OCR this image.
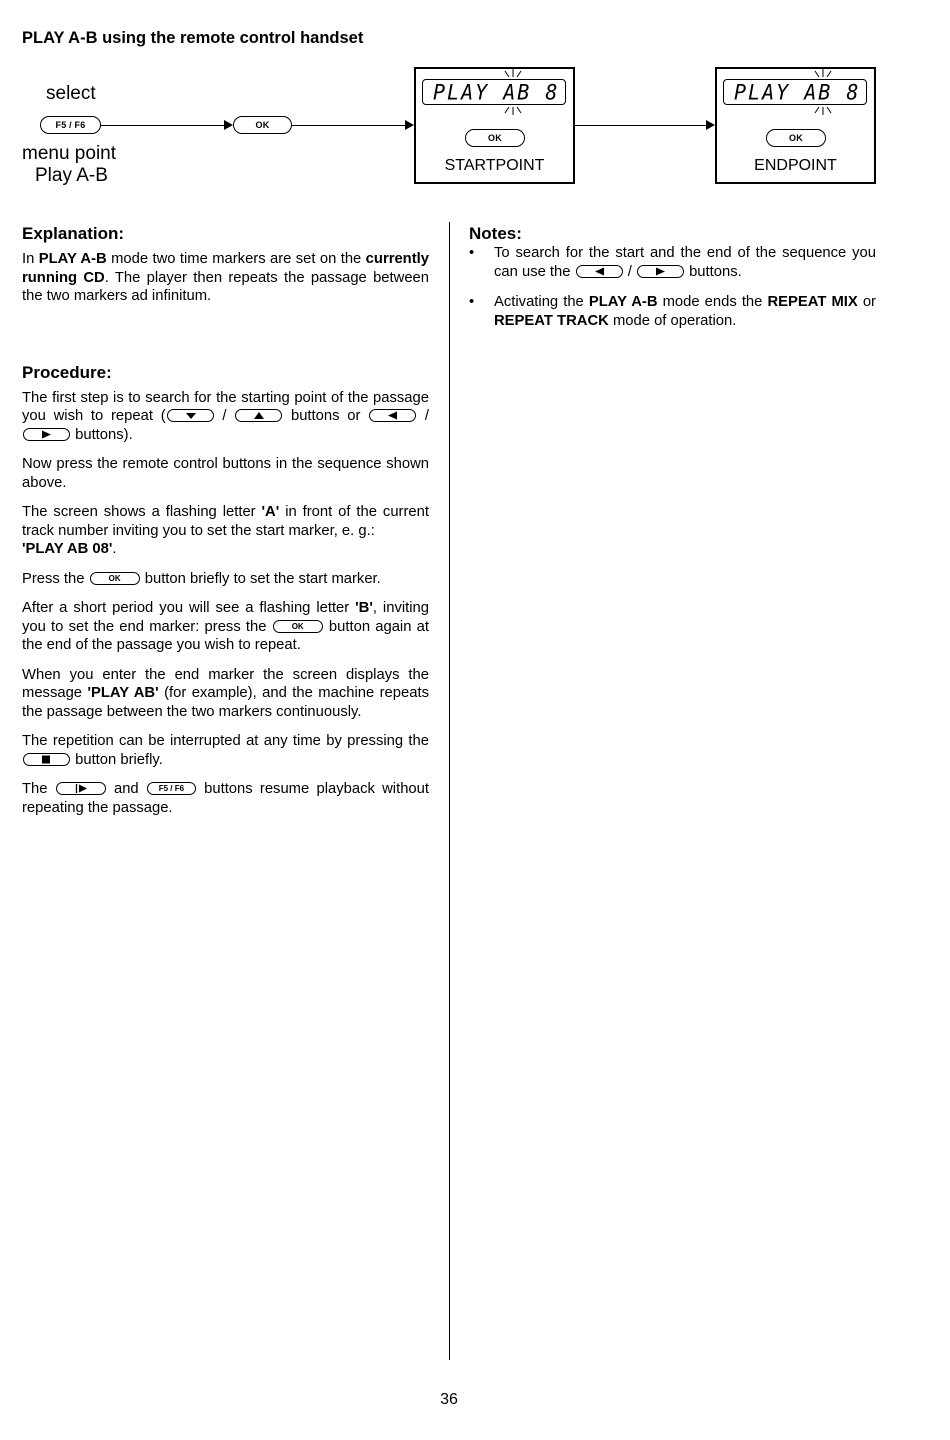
PLAY A-B using the remote control handset
select
menu point
Play A-B
F5 / F6	OK
PLAY AB 8
OK
STARTPOINT
PLAY AB 8
OK
ENDPOINT
Explanation:

In PLAY A-B mode two time markers are set on the currently running CD. The player then repeats the passage between the two markers ad infinitum.

Procedure:

The first step is to search for the starting point of the passage you wish to repeat (	/	buttons or	/
buttons).

Now press the remote control buttons in the sequence shown above.

The screen shows a flashing letter 'A' in front of the current track number inviting you to set the start marker, e. g.:
'PLAY AB 08'.

Press the	OK	button briefly to set the start marker.

After a short period you will see a flashing letter 'B', inviting you to set the end marker: press the	OK	button again at the end of the passage you wish to repeat.

When you enter the end marker the screen displays the message 'PLAY AB' (for example), and the machine repeats the passage between the two markers continuously.

The repetition can be interrupted at any time by pressing the
button briefly.

The	and	F5 / F6 buttons resume playback without repeating the passage.

Notes:
• To search for the start and the end of the sequence you can use the	/	buttons.
• Activating the PLAY A-B mode ends the REPEAT MIX or REPEAT TRACK mode of operation.
36
